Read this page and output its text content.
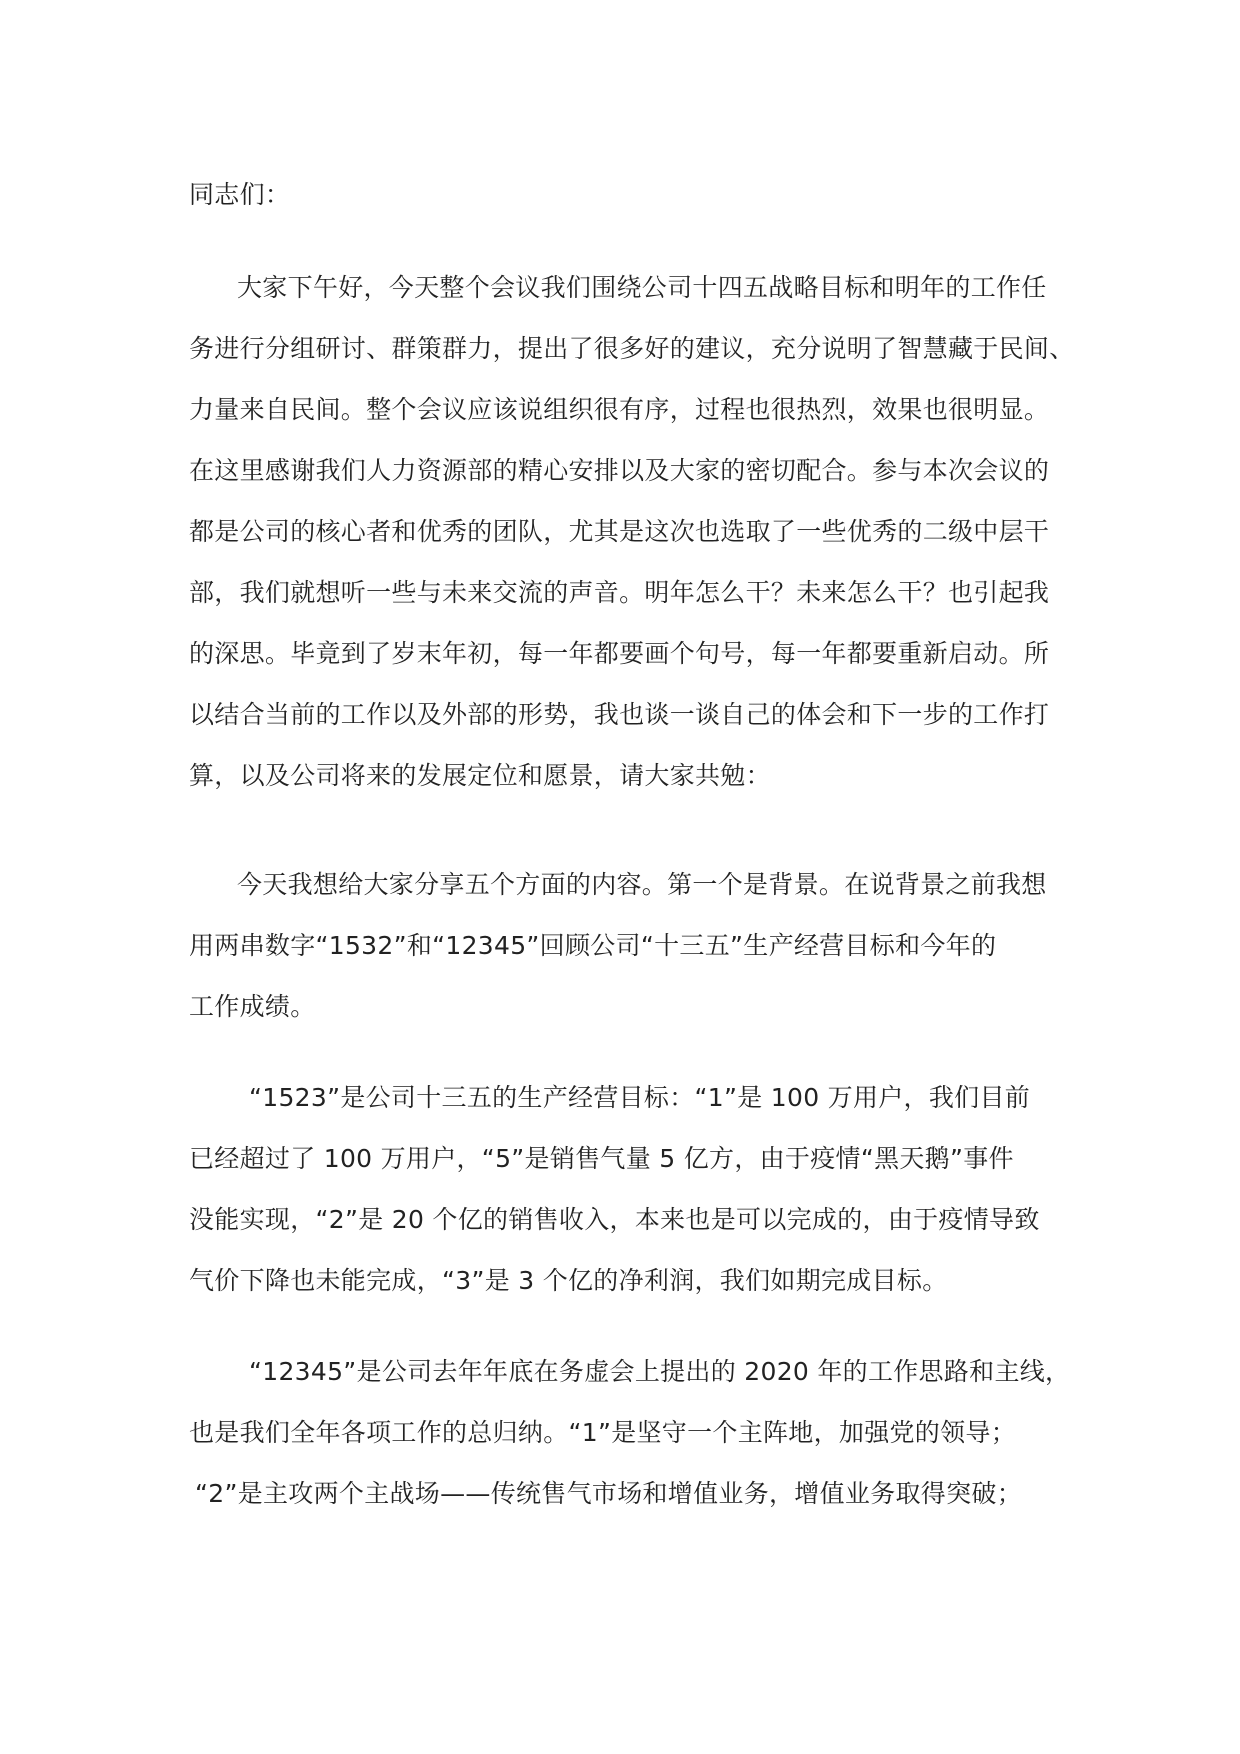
同志们：
大家下午好，今天整个会议我们围绕公司十四五战略目标和明年的工作任
务进行分组研讨、群策群力，提出了很多好的建议，充分说明了智慧藏于民间、
力量来自民间。整个会议应该说组织很有序，过程也很热烈，效果也很明显。
在这里感谢我们人力资源部的精心安排以及大家的密切配合。参与本次会议的
都是公司的核心者和优秀的团队，尤其是这次也选取了一些优秀的二级中层干
部，我们就想听一些与未来交流的声音。明年怎么干？未来怎么干？也引起我
的深思。毕竟到了岁末年初，每一年都要画个句号，每一年都要重新启动。所
以结合当前的工作以及外部的形势，我也谈一谈自己的体会和下一步的工作打
算，以及公司将来的发展定位和愿景，请大家共勉：
今天我想给大家分享五个方面的内容。第一个是背景。在说背景之前我想
用两串数字“1532”和“12345”回顾公司“十三五”生产经营目标和今年的
工作成绩。
“1523”是公司十三五的生产经营目标：“1”是 100 万用户，我们目前
已经超过了 100 万用户，“5”是销售气量 5 亿方，由于疫情“黑天鹅”事件
没能实现，“2”是 20 个亿的销售收入，本来也是可以完成的，由于疫情导致
气价下降也未能完成，“3”是 3 个亿的净利润，我们如期完成目标。
“12345”是公司去年年底在务虚会上提出的 2020 年的工作思路和主线，
也是我们全年各项工作的总归纳。“1”是坚守一个主阵地，加强党的领导；
“2”是主攻两个主战场——传统售气市场和增值业务，增值业务取得突破；
